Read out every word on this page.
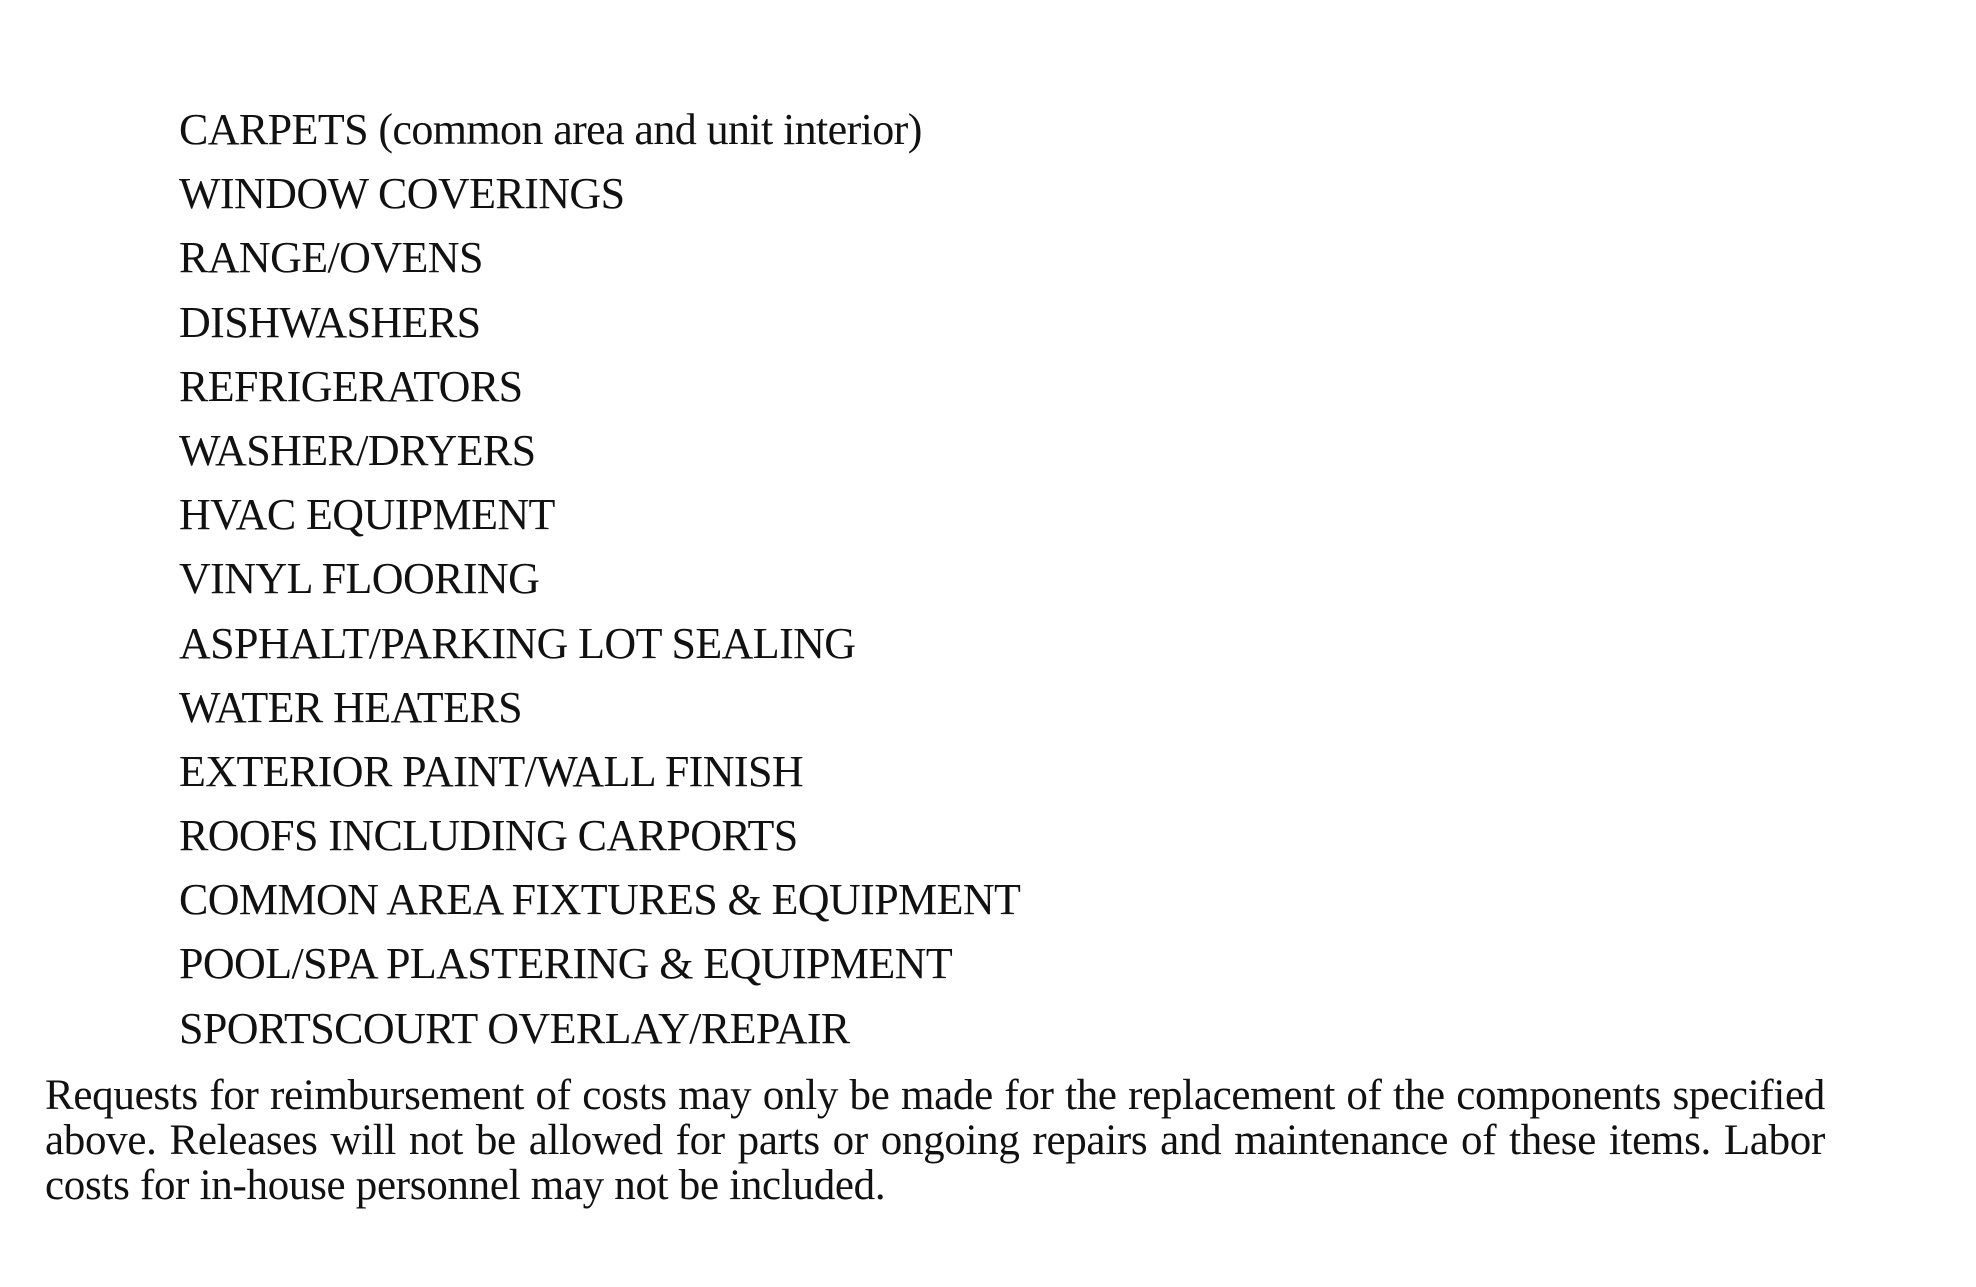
CARPETS (common area and unit interior)
WINDOW COVERINGS
RANGE/OVENS
DISHWASHERS
REFRIGERATORS
WASHER/DRYERS
HVAC EQUIPMENT
VINYL FLOORING
ASPHALT/PARKING LOT SEALING
WATER HEATERS
EXTERIOR PAINT/WALL FINISH
ROOFS INCLUDING CARPORTS
COMMON AREA FIXTURES & EQUIPMENT
POOL/SPA PLASTERING & EQUIPMENT
SPORTSCOURT OVERLAY/REPAIR

Requests for reimbursement of costs may only be made for the replacement of the components specified above. Releases will not be allowed for parts or ongoing repairs and maintenance of these items. Labor costs for in-house personnel may not be included.
